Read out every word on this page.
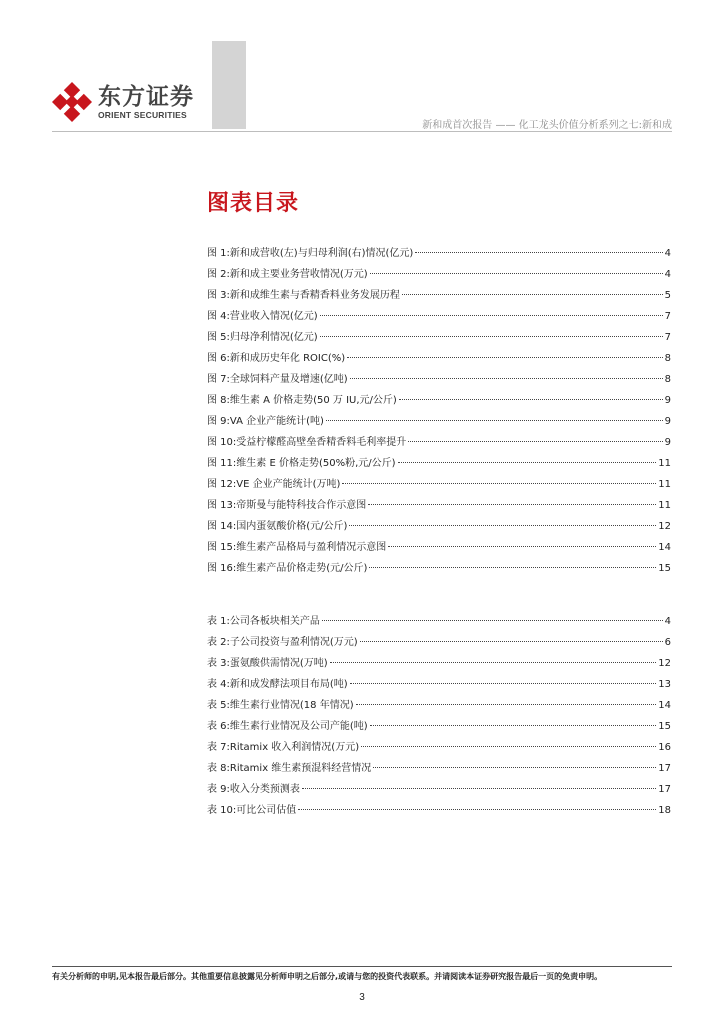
东方证券
ORIENT SECURITIES
新和成首次报告 —— 化工龙头价值分析系列之七:新和成
图表目录
图 1:新和成营收(左)与归母利润(右)情况(亿元)	4
图 2:新和成主要业务营收情况(万元)	4
图 3:新和成维生素与香精香料业务发展历程	5
图 4:营业收入情况(亿元)	7
图 5:归母净利情况(亿元)	7
图 6:新和成历史年化 ROIC(%)	8
图 7:全球饲料产量及增速(亿吨)	8
图 8:维生素 A 价格走势(50 万 IU,元/公斤)	9
图 9:VA 企业产能统计(吨)	9
图 10:受益柠檬醛高壁垒香精香料毛利率提升	9
图 11:维生素 E 价格走势(50%粉,元/公斤)	11
图 12:VE 企业产能统计(万吨)	11
图 13:帝斯曼与能特科技合作示意图	11
图 14:国内蛋氨酸价格(元/公斤)	12
图 15:维生素产品格局与盈利情况示意图	14
图 16:维生素产品价格走势(元/公斤)	15
表 1:公司各板块相关产品	4
表 2:子公司投资与盈利情况(万元)	6
表 3:蛋氨酸供需情况(万吨)	12
表 4:新和成发酵法项目布局(吨)	13
表 5:维生素行业情况(18 年情况)	14
表 6:维生素行业情况及公司产能(吨)	15
表 7:Ritamix 收入利润情况(万元)	16
表 8:Ritamix 维生素预混料经营情况	17
表 9:收入分类预测表	17
表 10:可比公司估值	18
有关分析师的申明,见本报告最后部分。其他重要信息披露见分析师申明之后部分,或请与您的投资代表联系。并请阅读本证券研究报告最后一页的免责申明。
3
